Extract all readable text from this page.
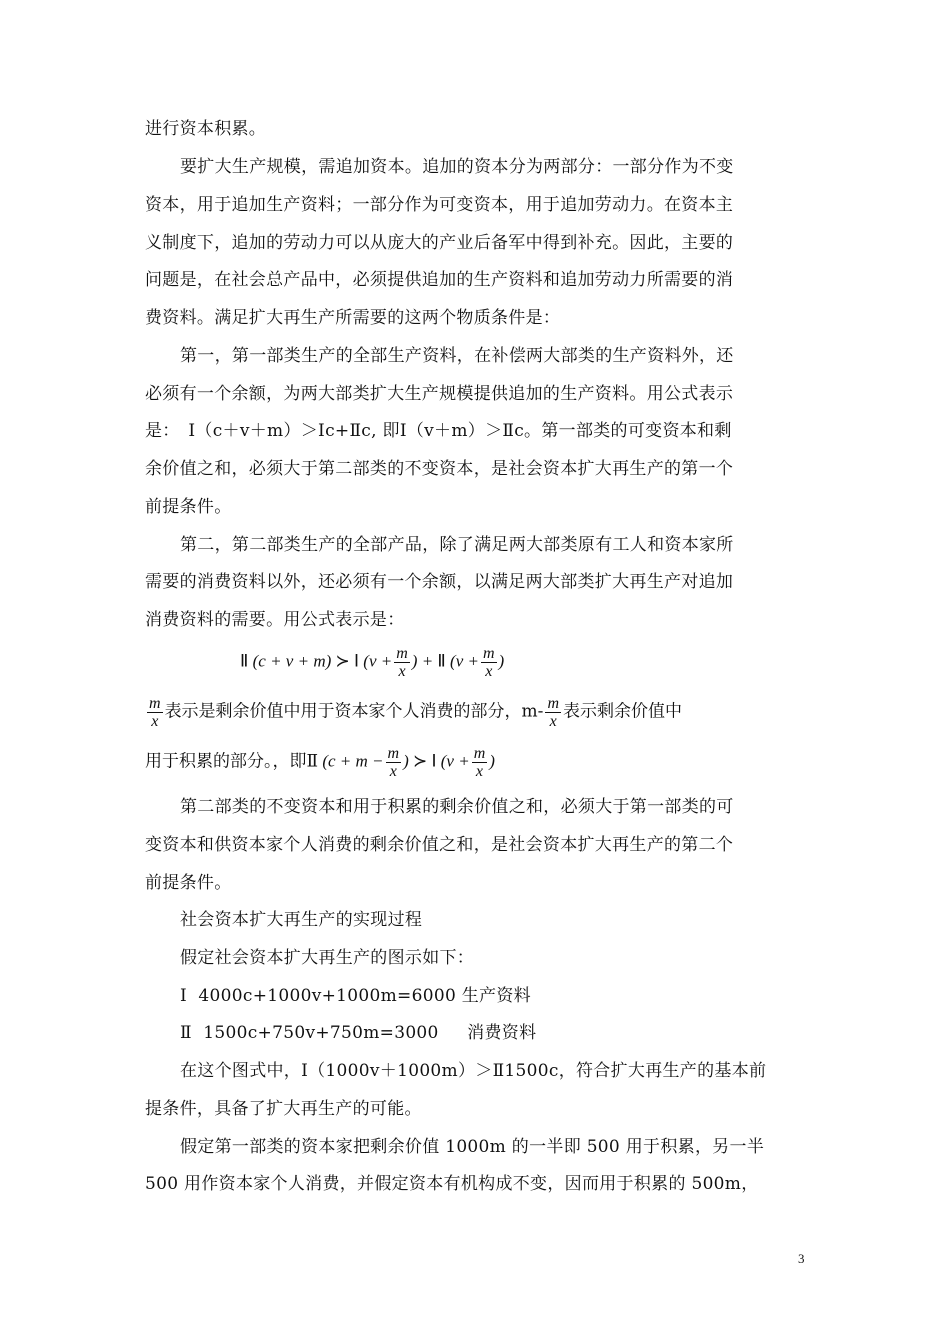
进行资本积累。
要扩大生产规模，需追加资本。追加的资本分为两部分：一部分作为不变
资本，用于追加生产资料；一部分作为可变资本，用于追加劳动力。在资本主
义制度下，追加的劳动力可以从庞大的产业后备军中得到补充。因此，主要的
问题是，在社会总产品中，必须提供追加的生产资料和追加劳动力所需要的消
费资料。满足扩大再生产所需要的这两个物质条件是：
第一，第一部类生产的全部生产资料，在补偿两大部类的生产资料外，还
必须有一个余额，为两大部类扩大生产规模提供追加的生产资料。用公式表示
是：　Ⅰ（c＋v＋m）＞Ⅰc+Ⅱc, 即Ⅰ（v＋m）＞Ⅱc。第一部类的可变资本和剩
余价值之和，必须大于第二部类的不变资本，是社会资本扩大再生产的第一个
前提条件。
第二，第二部类生产的全部产品，除了满足两大部类原有工人和资本家所
需要的消费资料以外，还必须有一个余额，以满足两大部类扩大再生产对追加
消费资料的需要。用公式表示是：
Ⅱ (c + v + m) ≻ Ⅰ ($v + \frac{m}{x}$ ) + Ⅱ ($v + \frac{m}{x}$ )
$\frac{m}{x}$ 表示是剩余价值中用于资本家个人消费的部分，$m- \frac{m}{x}$ 表示剩余价值中
用于积累的部分。，即Ⅱ ($c + m - \frac{m}{x}$ ) ≻ Ⅰ ($v + \frac{m}{x}$ )
第二部类的不变资本和用于积累的剩余价值之和，必须大于第一部类的可
变资本和供资本家个人消费的剩余价值之和，是社会资本扩大再生产的第二个
前提条件。
社会资本扩大再生产的实现过程
假定社会资本扩大再生产的图示如下：
Ⅰ  4000c+1000v+1000m=6000 生产资料
Ⅱ  1500c+750v+750m=3000     消费资料
在这个图式中，Ⅰ（1000v＋1000m）＞Ⅱ1500c，符合扩大再生产的基本前
提条件，具备了扩大再生产的可能。
假定第一部类的资本家把剩余价值 1000m 的一半即 500 用于积累，另一半
500 用作资本家个人消费，并假定资本有机构成不变，因而用于积累的 500m，
3
